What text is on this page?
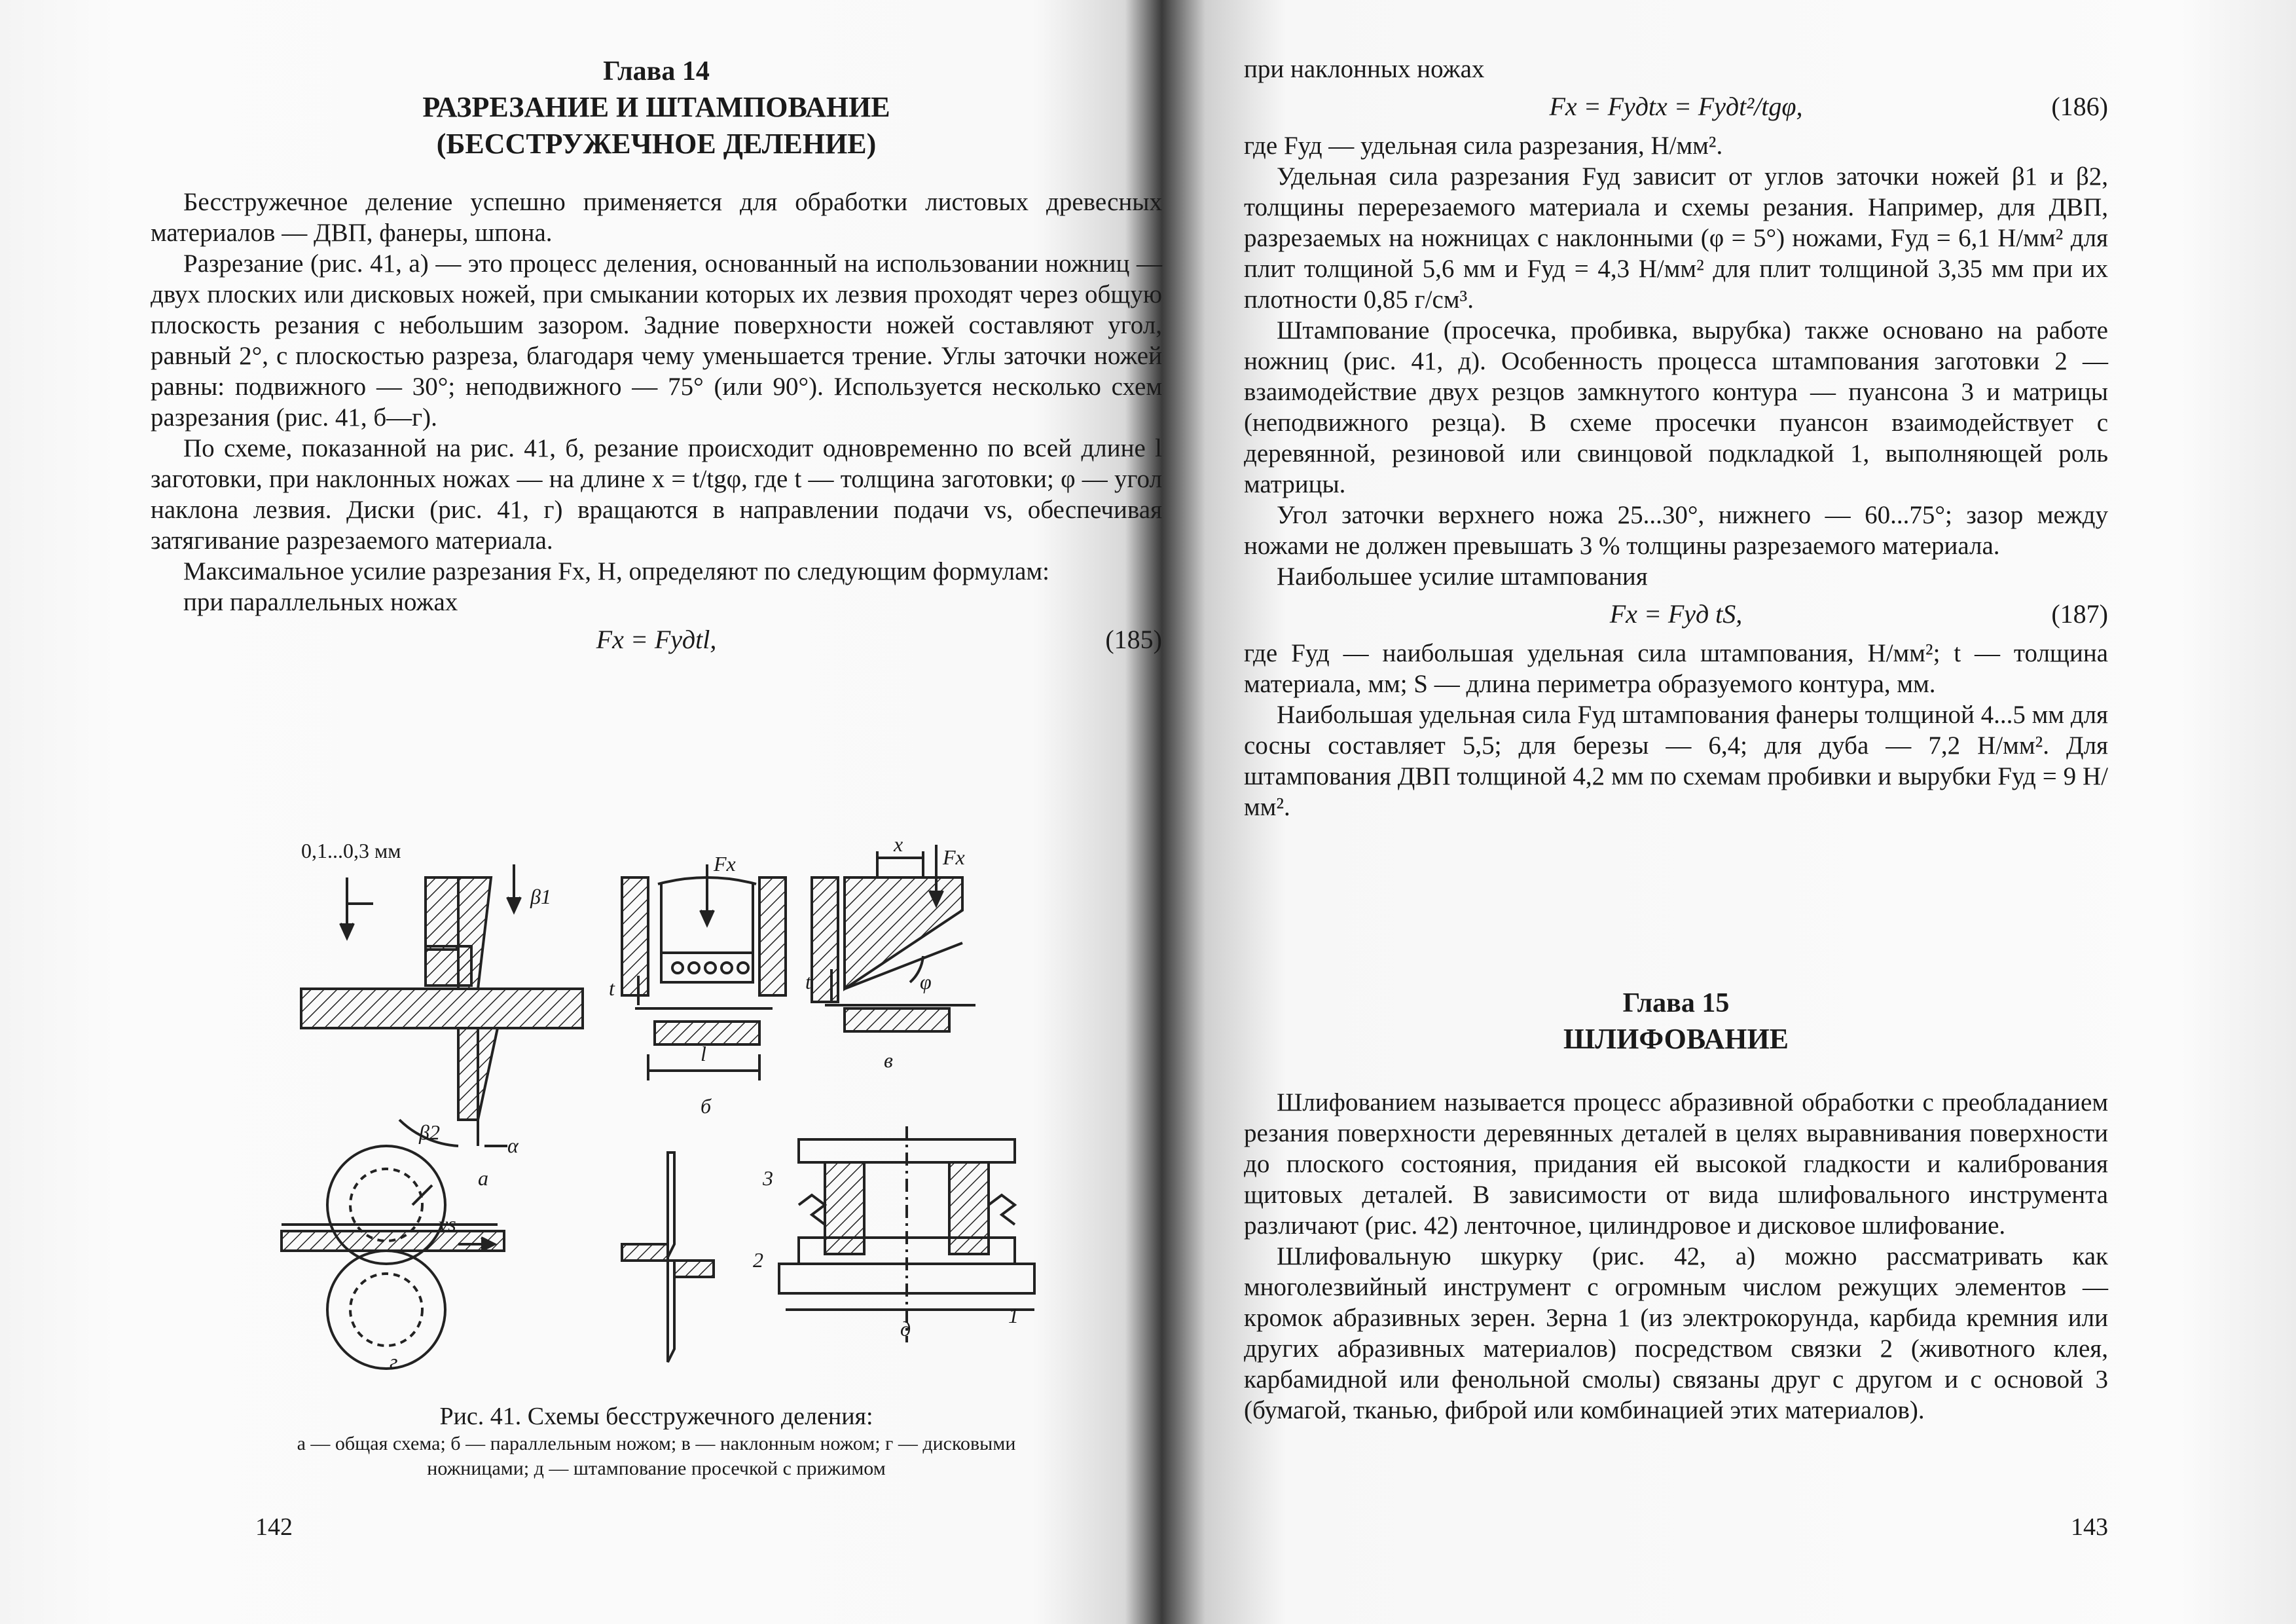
Глава 14
РАЗРЕЗАНИЕ И ШТАМПОВАНИЕ
(БЕССТРУЖЕЧНОЕ ДЕЛЕНИЕ)

Бесстружечное деление успешно применяется для обработки листовых древесных материалов — ДВП, фанеры, шпона.

Разрезание (рис. 41, а) — это процесс деления, основанный на использовании ножниц — двух плоских или дисковых ножей, при смыкании которых их лезвия проходят через общую плоскость резания с небольшим зазором. Задние поверхности ножей составляют угол, равный 2°, с плоскостью разреза, благодаря чему уменьшается трение. Углы заточки ножей равны: подвижного — 30°; неподвижного — 75° (или 90°). Используется несколько схем разрезания (рис. 41, б—г).

По схеме, показанной на рис. 41, б, резание происходит одновременно по всей длине l заготовки, при наклонных ножах — на длине x = t/tgφ, где t — толщина заготовки; φ — угол наклона лезвия. Диски (рис. 41, г) вращаются в направлении подачи vs, обеспечивая затягивание разрезаемого материала.

Максимальное усилие разрезания Fx, Н, определяют по следующим формулам:

при параллельных ножах

Fx = Fудtl,	(185)
0,1...0,3 мм
β1
β2
α
а
Fx
t
l
б
x
Fx
φ
t
в
vs
г
3
2
1
д
Рис. 41. Схемы бесстружечного деления:
а — общая схема; б — параллельным ножом; в — наклонным ножом; г — дисковыми
ножницами; д — штампование просечкой с прижимом
142

при наклонных ножах

Fx = Fудtx = Fудt²/tgφ,	(186)

где Fуд — удельная сила разрезания, Н/мм².

Удельная сила разрезания Fуд зависит от углов заточки ножей β1 и β2, толщины перерезаемого материала и схемы резания. Например, для ДВП, разрезаемых на ножницах с наклонными (φ = 5°) ножами, Fуд = 6,1 Н/мм² для плит толщиной 5,6 мм и Fуд = 4,3 Н/мм² для плит толщиной 3,35 мм при их плотности 0,85 г/см³.

Штампование (просечка, пробивка, вырубка) также основано на работе ножниц (рис. 41, д). Особенность процесса штампования заготовки 2 — взаимодействие двух резцов замкнутого контура — пуансона 3 и матрицы (неподвижного резца). В схеме просечки пуансон взаимодействует с деревянной, резиновой или свинцовой подкладкой 1, выполняющей роль матрицы.

Угол заточки верхнего ножа 25...30°, нижнего — 60...75°; зазор между ножами не должен превышать 3 % толщины разрезаемого материала.

Наибольшее усилие штампования

Fx = Fуд tS,	(187)

где Fуд — наибольшая удельная сила штампования, Н/мм²; t — толщина материала, мм; S — длина периметра образуемого контура, мм.

Наибольшая удельная сила Fуд штампования фанеры толщиной 4...5 мм для сосны составляет 5,5; для березы — 6,4; для дуба — 7,2 Н/мм². Для штампования ДВП толщиной 4,2 мм по схемам пробивки и вырубки Fуд = 9 Н/мм².

Глава 15
ШЛИФОВАНИЕ

Шлифованием называется процесс абразивной обработки с преобладанием резания поверхности деревянных деталей в целях выравнивания поверхности до плоского состояния, придания ей высокой гладкости и калибрования щитовых деталей. В зависимости от вида шлифовального инструмента различают (рис. 42) ленточное, цилиндровое и дисковое шлифование.

Шлифовальную шкурку (рис. 42, а) можно рассматривать как многолезвийный инструмент с огромным числом режущих элементов — кромок абразивных зерен. Зерна 1 (из электрокорунда, карбида кремния или других абразивных материалов) посредством связки 2 (животного клея, карбамидной или фенольной смолы) связаны друг с другом и с основой 3 (бумагой, тканью, фиброй или комбинацией этих материалов).

143
